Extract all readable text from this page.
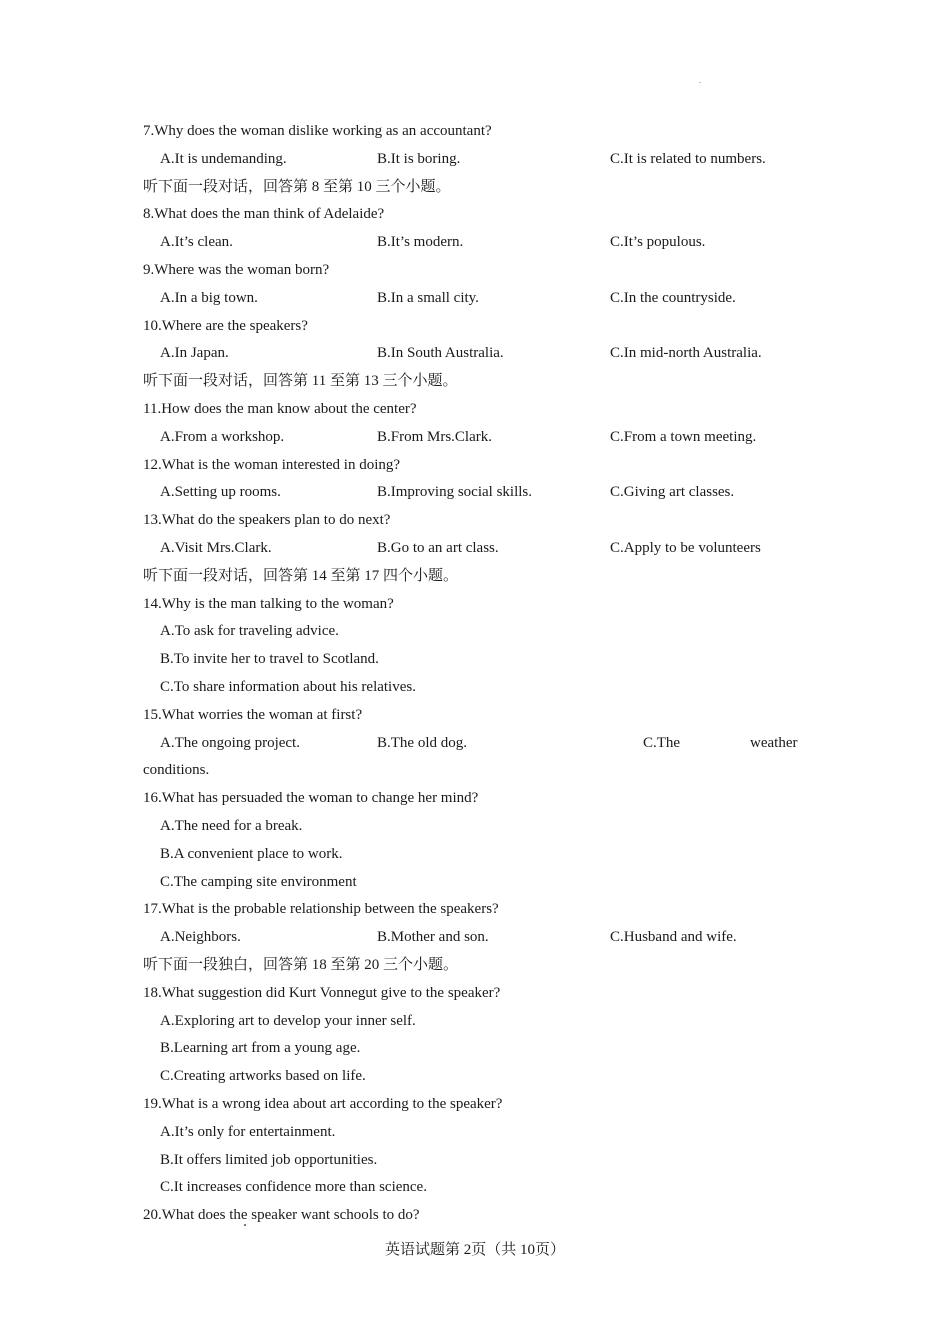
.
7.Why does the woman dislike working as an accountant?
A.It is undemanding.	B.It is boring.	C.It is related to numbers.
听下面一段对话，回答第 8 至第 10 三个小题。
8.What does the man think of Adelaide?
A.It’s clean.	B.It’s modern.	C.It’s populous.
9.Where was the woman born?
A.In a big town.	B.In a small city.	C.In the countryside.
10.Where are the speakers?
A.In Japan.	B.In South Australia.	C.In mid-north Australia.
听下面一段对话，回答第 11 至第 13 三个小题。
11.How does the man know about the center?
A.From a workshop.	B.From Mrs.Clark.	C.From a town meeting.
12.What is the woman interested in doing?
A.Setting up rooms.	B.Improving social skills.	C.Giving art classes.
13.What do the speakers plan to do next?
A.Visit Mrs.Clark.	B.Go to an art class.	C.Apply to be volunteers
听下面一段对话，回答第 14 至第 17 四个小题。
14.Why is the man talking to the woman?
A.To ask for traveling advice.
B.To invite her to travel to Scotland.
C.To share information about his relatives.
15.What worries the woman at first?
A.The ongoing project.	B.The old dog.	C.The	weather
conditions.
16.What has persuaded the woman to change her mind?
A.The need for a break.
B.A convenient place to work.
C.The camping site environment
17.What is the probable relationship between the speakers?
A.Neighbors.	B.Mother and son.	C.Husband and wife.
听下面一段独白，回答第 18 至第 20 三个小题。
18.What suggestion did Kurt Vonnegut give to the speaker?
A.Exploring art to develop your inner self.
B.Learning art from a young age.
C.Creating artworks based on life.
19.What is a wrong idea about art according to the speaker?
A.It’s only for entertainment.
B.It offers limited job opportunities.
C.It increases confidence more than science.
20.What does the speaker want schools to do?
英语试题第 2页（共 10页）
